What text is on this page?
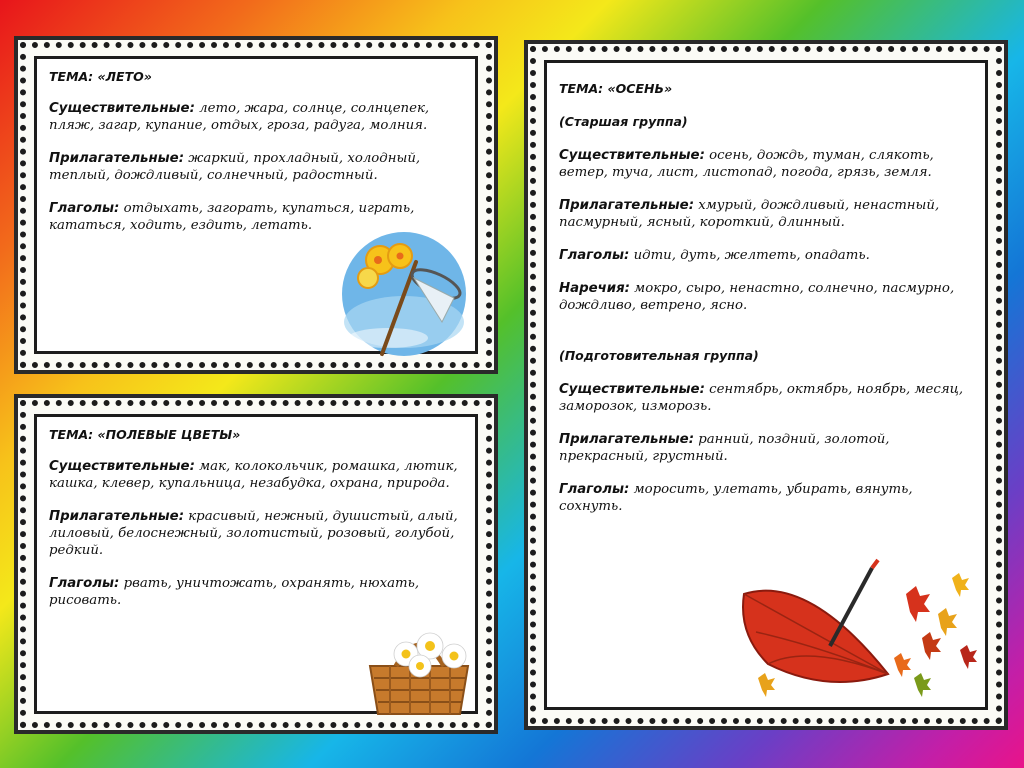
ТЕМА: «ЛЕТО»

Существительные: лето, жара, солнце, солнцепек, пляж, загар, купание, отдых, гроза, радуга, молния.

Прилагательные: жаркий, прохладный, холодный, теплый, дождливый, солнечный, радостный.

Глаголы: отдыхать, загорать, купаться, играть, кататься, ходить, ездить, летать.

ТЕМА: «ПОЛЕВЫЕ ЦВЕТЫ»

Существительные: мак, колокольчик, ромашка, лютик, кашка, клевер, купальница, незабудка, охрана, природа.

Прилагательные: красивый, нежный, душистый, алый, лиловый, белоснежный, золотистый, розовый, голубой, редкий.

Глаголы: рвать, уничтожать, охранять, нюхать, рисовать.

ТЕМА: «ОСЕНЬ»
(Старшая группа)

Существительные: осень, дождь, туман, слякоть, ветер, туча, лист, листопад, погода, грязь, земля.

Прилагательные: хмурый, дождливый, ненастный, пасмурный, ясный, короткий, длинный.

Глаголы: идти, дуть, желтеть, опадать.

Наречия: мокро, сыро, ненастно, солнечно, пасмурно, дождливо, ветрено, ясно.

(Подготовительная группа)

Существительные: сентябрь, октябрь, ноябрь, месяц, заморозок, изморозь.

Прилагательные: ранний, поздний, золотой, прекрасный, грустный.

Глаголы: моросить, улетать, убирать, вянуть, сохнуть.
